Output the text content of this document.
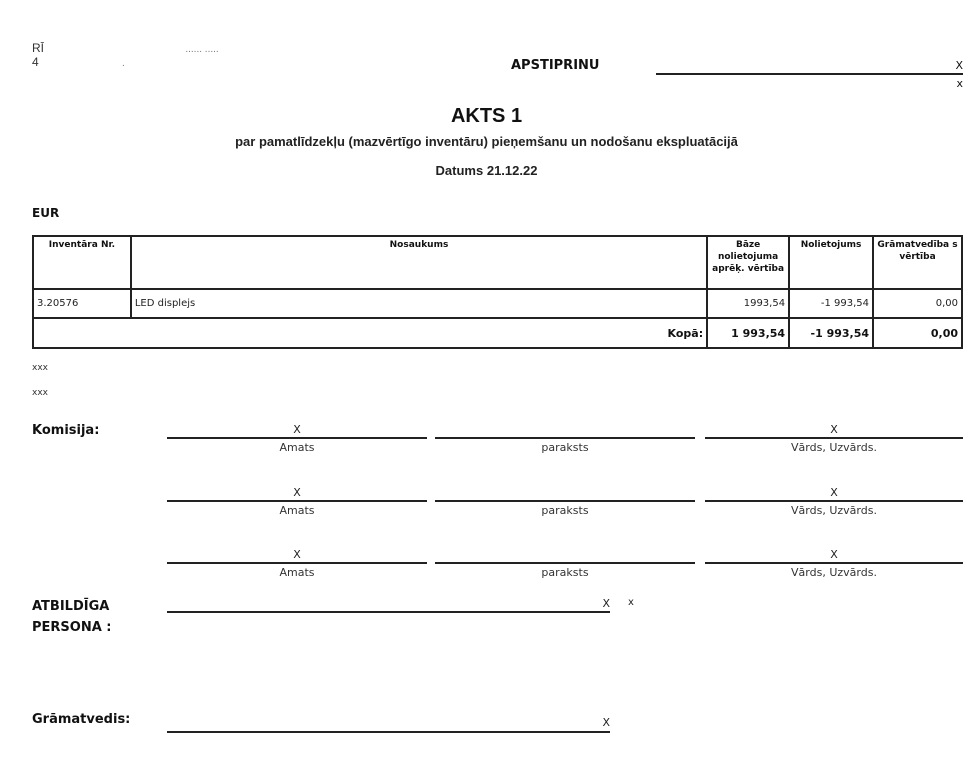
RĪ	...... .....
4	.	APSTIPRINU	X
x
AKTS 1
par pamatlīdzekļu (mazvērtīgo inventāru) pieņemšanu un nodošanu ekspluatācijā
Datums 21.12.22
EUR
Inventāra Nr.	Nosaukums	Bāze nolietojuma aprēķ. vērtība	Nolietojums	Grāmatvedība s vērtība
3.20576	LED displejs	1993,54	-1 993,54	0,00
Kopā:		1 993,54	-1 993,54	0,00
xxx
xxx
Komisija:	X
Amats	paraksts
X
Vārds, Uzvārds.
X
Amats	paraksts
X
Vārds, Uzvārds.
X
Amats	paraksts
X
Vārds, Uzvārds.
ATBILDĪGA
PERSONA :
X x
Grāmatvedis:	X
